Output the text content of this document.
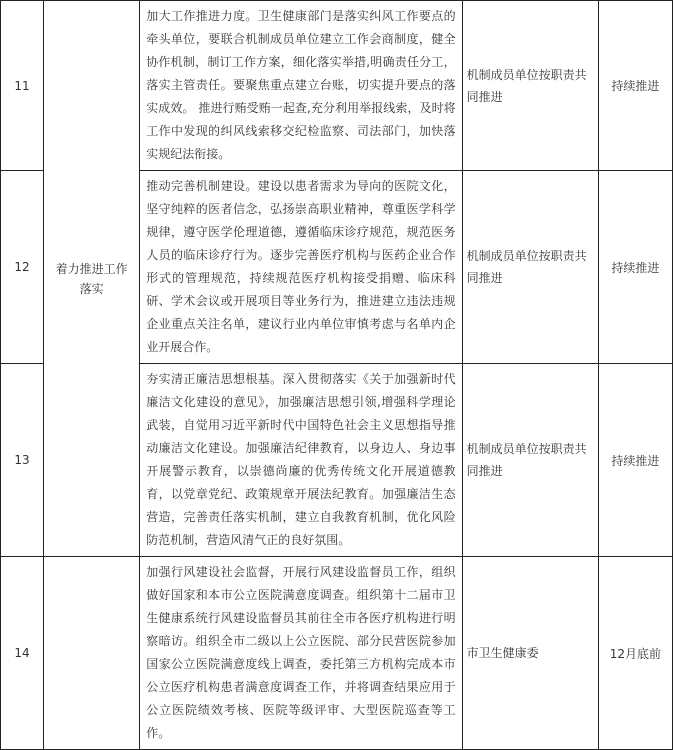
11	着力推进工作落实	加大工作推进力度。卫生健康部门是落实纠风工作要点的牵头单位，要联合机制成员单位建立工作会商制度，健全协作机制，制订工作方案，细化落实举措,明确责任分工，落实主管责任。要聚焦重点建立台账，切实提升要点的落实成效。 推进行贿受贿一起查,充分利用举报线索，及时将工作中发现的纠风线索移交纪检监察、司法部门，加快落实规纪法衔接。	机制成员单位按职责共同推进	持续推进
12		推动完善机制建设。建设以患者需求为导向的医院文化，坚守纯粹的医者信念，弘扬崇高职业精神，尊重医学科学规律，遵守医学伦理道德，遵循临床诊疗规范，规范医务人员的临床诊疗行为。逐步完善医疗机构与医药企业合作形式的管理规范，持续规范医疗机构接受捐赠、临床科研、学术会议或开展项目等业务行为，推进建立违法违规企业重点关注名单，建议行业内单位审慎考虑与名单内企业开展合作。	机制成员单位按职责共同推进	持续推进
13		夯实清正廉洁思想根基。深入贯彻落实《关于加强新时代廉洁文化建设的意见》，加强廉洁思想引领,增强科学理论武装，自觉用习近平新时代中国特色社会主义思想指导推动廉洁文化建设。加强廉洁纪律教育，以身边人、身边事开展警示教育，以崇德尚廉的优秀传统文化开展道德教育，以党章党纪、政策规章开展法纪教育。加强廉洁生态营造，完善责任落实机制，建立自我教育机制，优化风险防范机制，营造风清气正的良好氛围。	机制成员单位按职责共同推进	持续推进
14		加强行风建设社会监督，开展行风建设监督员工作，组织做好国家和本市公立医院满意度调查。组织第十二届市卫生健康系统行风建设监督员其前往全市各医疗机构进行明察暗访。组织全市二级以上公立医院、部分民营医院参加国家公立医院满意度线上调查，委托第三方机构完成本市公立医疗机构患者满意度调查工作，并将调查结果应用于公立医院绩效考核、医院等级评审、大型医院巡查等工作。	市卫生健康委	12月底前
